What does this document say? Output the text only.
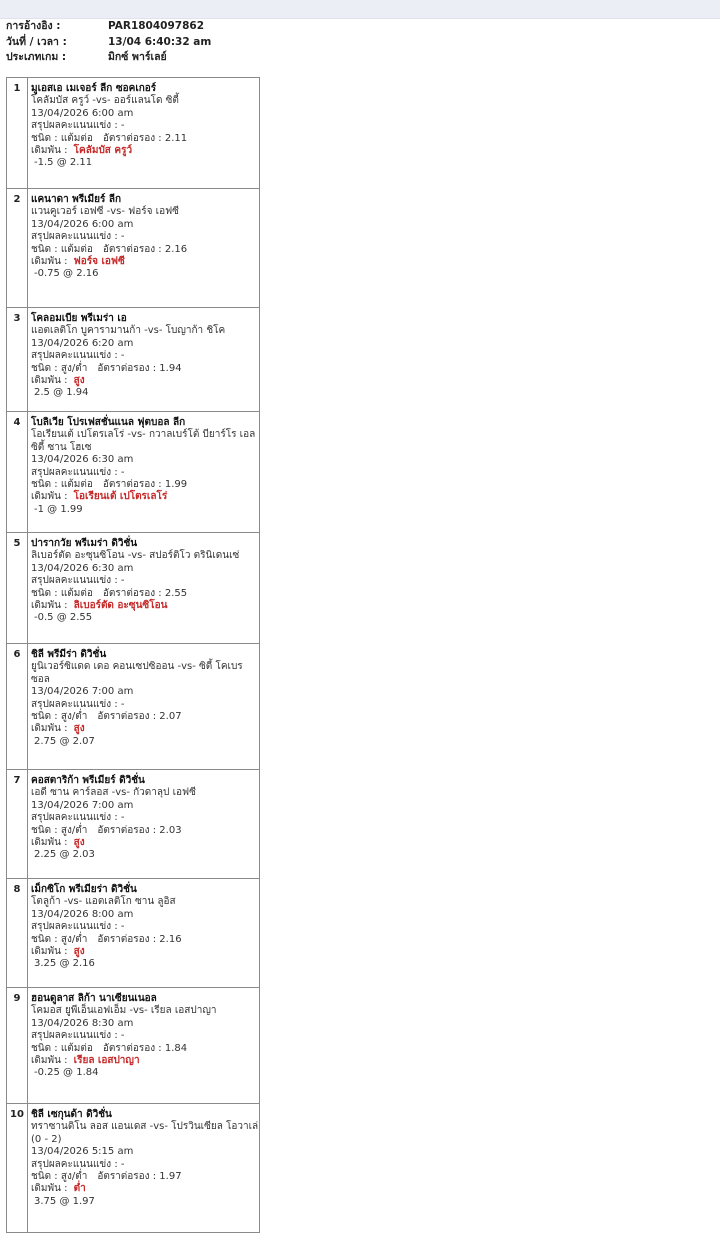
การอ้างอิง :	PAR1804097862
วันที่ / เวลา :	13/04 6:40:32 am
ประเภทเกม :	มิกซ์ พาร์เลย์
1	มูเอสเอ เมเจอร์ ลีก ซอคเกอร์
โคลัมบัส ครูว์ -vs- ออร์แลนโด ซิตี้
13/04/2026 6:00 am
สรุปผลคะแนนแข่ง : -
ชนิด : แต้มต่อ อัตราต่อรอง : 2.11
เดิมพัน : โคลัมบัส ครูว์
-1.5 @ 2.11
2	แคนาดา พรีเมียร์ ลีก
แวนคูเวอร์ เอฟซี -vs- ฟอร์จ เอฟซี
13/04/2026 6:00 am
สรุปผลคะแนนแข่ง : -
ชนิด : แต้มต่อ อัตราต่อรอง : 2.16
เดิมพัน : ฟอร์จ เอฟซี
-0.75 @ 2.16
3	โคลอมเบีย พรีเมร่า เอ
แอตเลติโก บูคารามานก้า -vs- โบญาก้า ชิโค
13/04/2026 6:20 am
สรุปผลคะแนนแข่ง : -
ชนิด : สูง/ต่ำ อัตราต่อรอง : 1.94
เดิมพัน : สูง
2.5 @ 1.94
4	โบลิเวีย โปรเฟสชั่นแนล ฟุตบอล ลีก
โอเรียนเต้ เปโตรเลโร่ -vs- กวาลเบร์โต้ บียาร์โร เอล ซิตี้ ซาน โฮเซ
13/04/2026 6:30 am
สรุปผลคะแนนแข่ง : -
ชนิด : แต้มต่อ อัตราต่อรอง : 1.99
เดิมพัน : โอเรียนเต้ เปโตรเลโร่
-1 @ 1.99
5	ปารากวัย พรีเมร่า ดิวิชั่น
ลิเบอร์ตัด อะซุนซิโอน -vs- สปอร์ติโว ตรินิเดนเซ่
13/04/2026 6:30 am
สรุปผลคะแนนแข่ง : -
ชนิด : แต้มต่อ อัตราต่อรอง : 2.55
เดิมพัน : ลิเบอร์ตัด อะซุนซิโอน
-0.5 @ 2.55
6	ชิลี พรีมีร่า ดิวิชั่น
ยูนิเวอร์ซิแดด เดอ คอนเซปซิออน -vs- ซิตี้ โคเบรซอล
13/04/2026 7:00 am
สรุปผลคะแนนแข่ง : -
ชนิด : สูง/ต่ำ อัตราต่อรอง : 2.07
เดิมพัน : สูง
2.75 @ 2.07
7	คอสตาริก้า พรีเมียร์ ดิวิชั่น
เอดี ซาน คาร์ลอส -vs- กัวดาลุป เอฟซี
13/04/2026 7:00 am
สรุปผลคะแนนแข่ง : -
ชนิด : สูง/ต่ำ อัตราต่อรอง : 2.03
เดิมพัน : สูง
2.25 @ 2.03
8	เม็กซิโก พรีเมียร่า ดิวิชั่น
โตลูก้า -vs- แอตเลติโก ซาน ลูอิส
13/04/2026 8:00 am
สรุปผลคะแนนแข่ง : -
ชนิด : สูง/ต่ำ อัตราต่อรอง : 2.16
เดิมพัน : สูง
3.25 @ 2.16
9	ฮอนดูลาส ลิก้า นาเซียนเนอล
โคมอส ยูพีเอ็นเอฟเอ็ม -vs- เรียล เอสปาญา
13/04/2026 8:30 am
สรุปผลคะแนนแข่ง : -
ชนิด : แต้มต่อ อัตราต่อรอง : 1.84
เดิมพัน : เรียล เอสปาญา
-0.25 @ 1.84
10 ชิลี เซกุนด้า ดิวิชั่น
ทราซานดิโน ลอส แอนเดส -vs- โปรวินเซียล โอวาเล่ (0 - 2)
13/04/2026 5:15 am
สรุปผลคะแนนแข่ง : -
ชนิด : สูง/ต่ำ อัตราต่อรอง : 1.97
เดิมพัน : ต่ำ
3.75 @ 1.97
